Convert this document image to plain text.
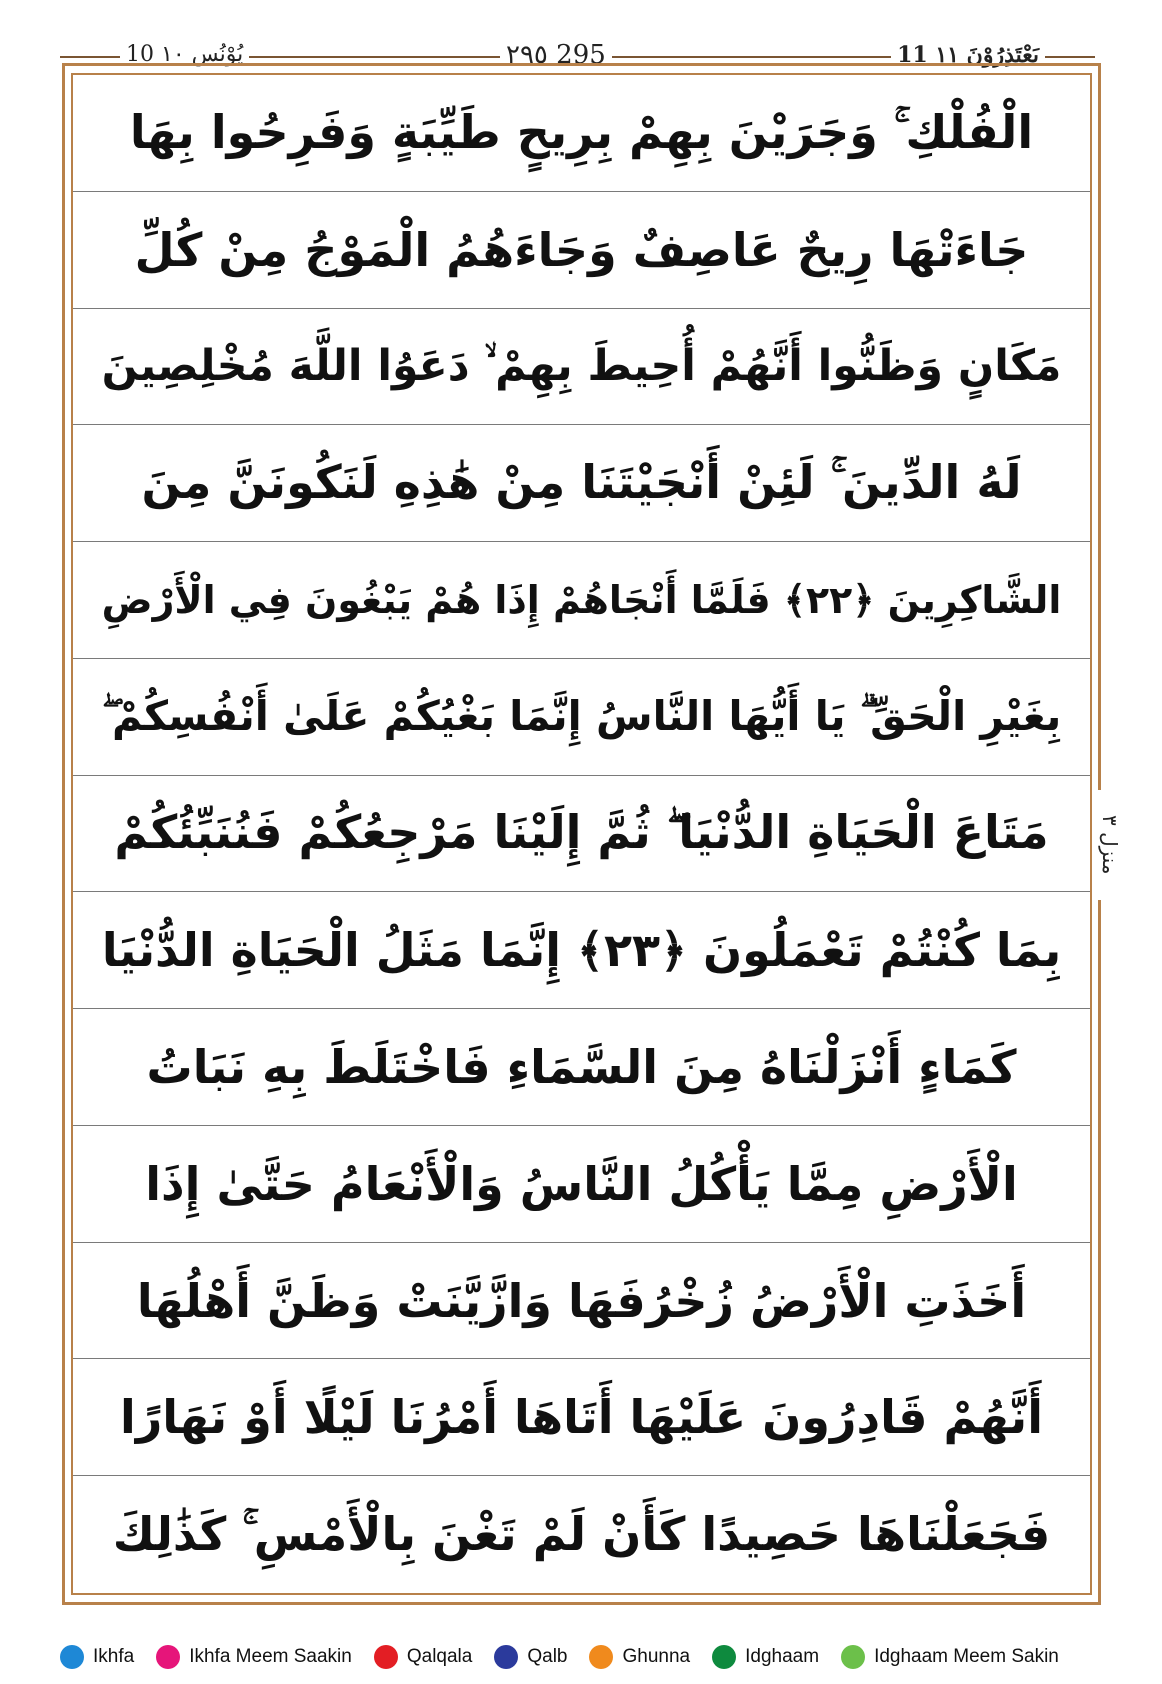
10 یُوْنُس ١٠	٢٩٥ 295	11 یَعْتَذِرُوْنَ ١١
الْفُلْكِ ۚ وَجَرَيْنَ بِهِمْ بِرِيحٍ طَيِّبَةٍ وَفَرِحُوا بِهَا
جَاءَتْهَا رِيحٌ عَاصِفٌ وَجَاءَهُمُ الْمَوْجُ مِنْ كُلِّ
مَكَانٍ وَظَنُّوا أَنَّهُمْ أُحِيطَ بِهِمْ ۙ دَعَوُا اللَّهَ مُخْلِصِينَ
لَهُ الدِّينَ ۚ لَئِنْ أَنْجَيْتَنَا مِنْ هَٰذِهِ لَنَكُونَنَّ مِنَ
الشَّاكِرِينَ ﴿٢٢﴾ فَلَمَّا أَنْجَاهُمْ إِذَا هُمْ يَبْغُونَ فِي الْأَرْضِ
بِغَيْرِ الْحَقِّ ۗ يَا أَيُّهَا النَّاسُ إِنَّمَا بَغْيُكُمْ عَلَىٰ أَنْفُسِكُمْ ۖ
مَتَاعَ الْحَيَاةِ الدُّنْيَا ۖ ثُمَّ إِلَيْنَا مَرْجِعُكُمْ فَنُنَبِّئُكُمْ
بِمَا كُنْتُمْ تَعْمَلُونَ ﴿٢٣﴾ إِنَّمَا مَثَلُ الْحَيَاةِ الدُّنْيَا
كَمَاءٍ أَنْزَلْنَاهُ مِنَ السَّمَاءِ فَاخْتَلَطَ بِهِ نَبَاتُ
الْأَرْضِ مِمَّا يَأْكُلُ النَّاسُ وَالْأَنْعَامُ حَتَّىٰ إِذَا
أَخَذَتِ الْأَرْضُ زُخْرُفَهَا وَازَّيَّنَتْ وَظَنَّ أَهْلُهَا
أَنَّهُمْ قَادِرُونَ عَلَيْهَا أَتَاهَا أَمْرُنَا لَيْلًا أَوْ نَهَارًا
فَجَعَلْنَاهَا حَصِيدًا كَأَنْ لَمْ تَغْنَ بِالْأَمْسِ ۚ كَذَٰلِكَ
منزل ٣
Ikhfa	Ikhfa Meem Saakin	Qalqala	Qalb	Ghunna	Idghaam	Idghaam Meem Sakin
